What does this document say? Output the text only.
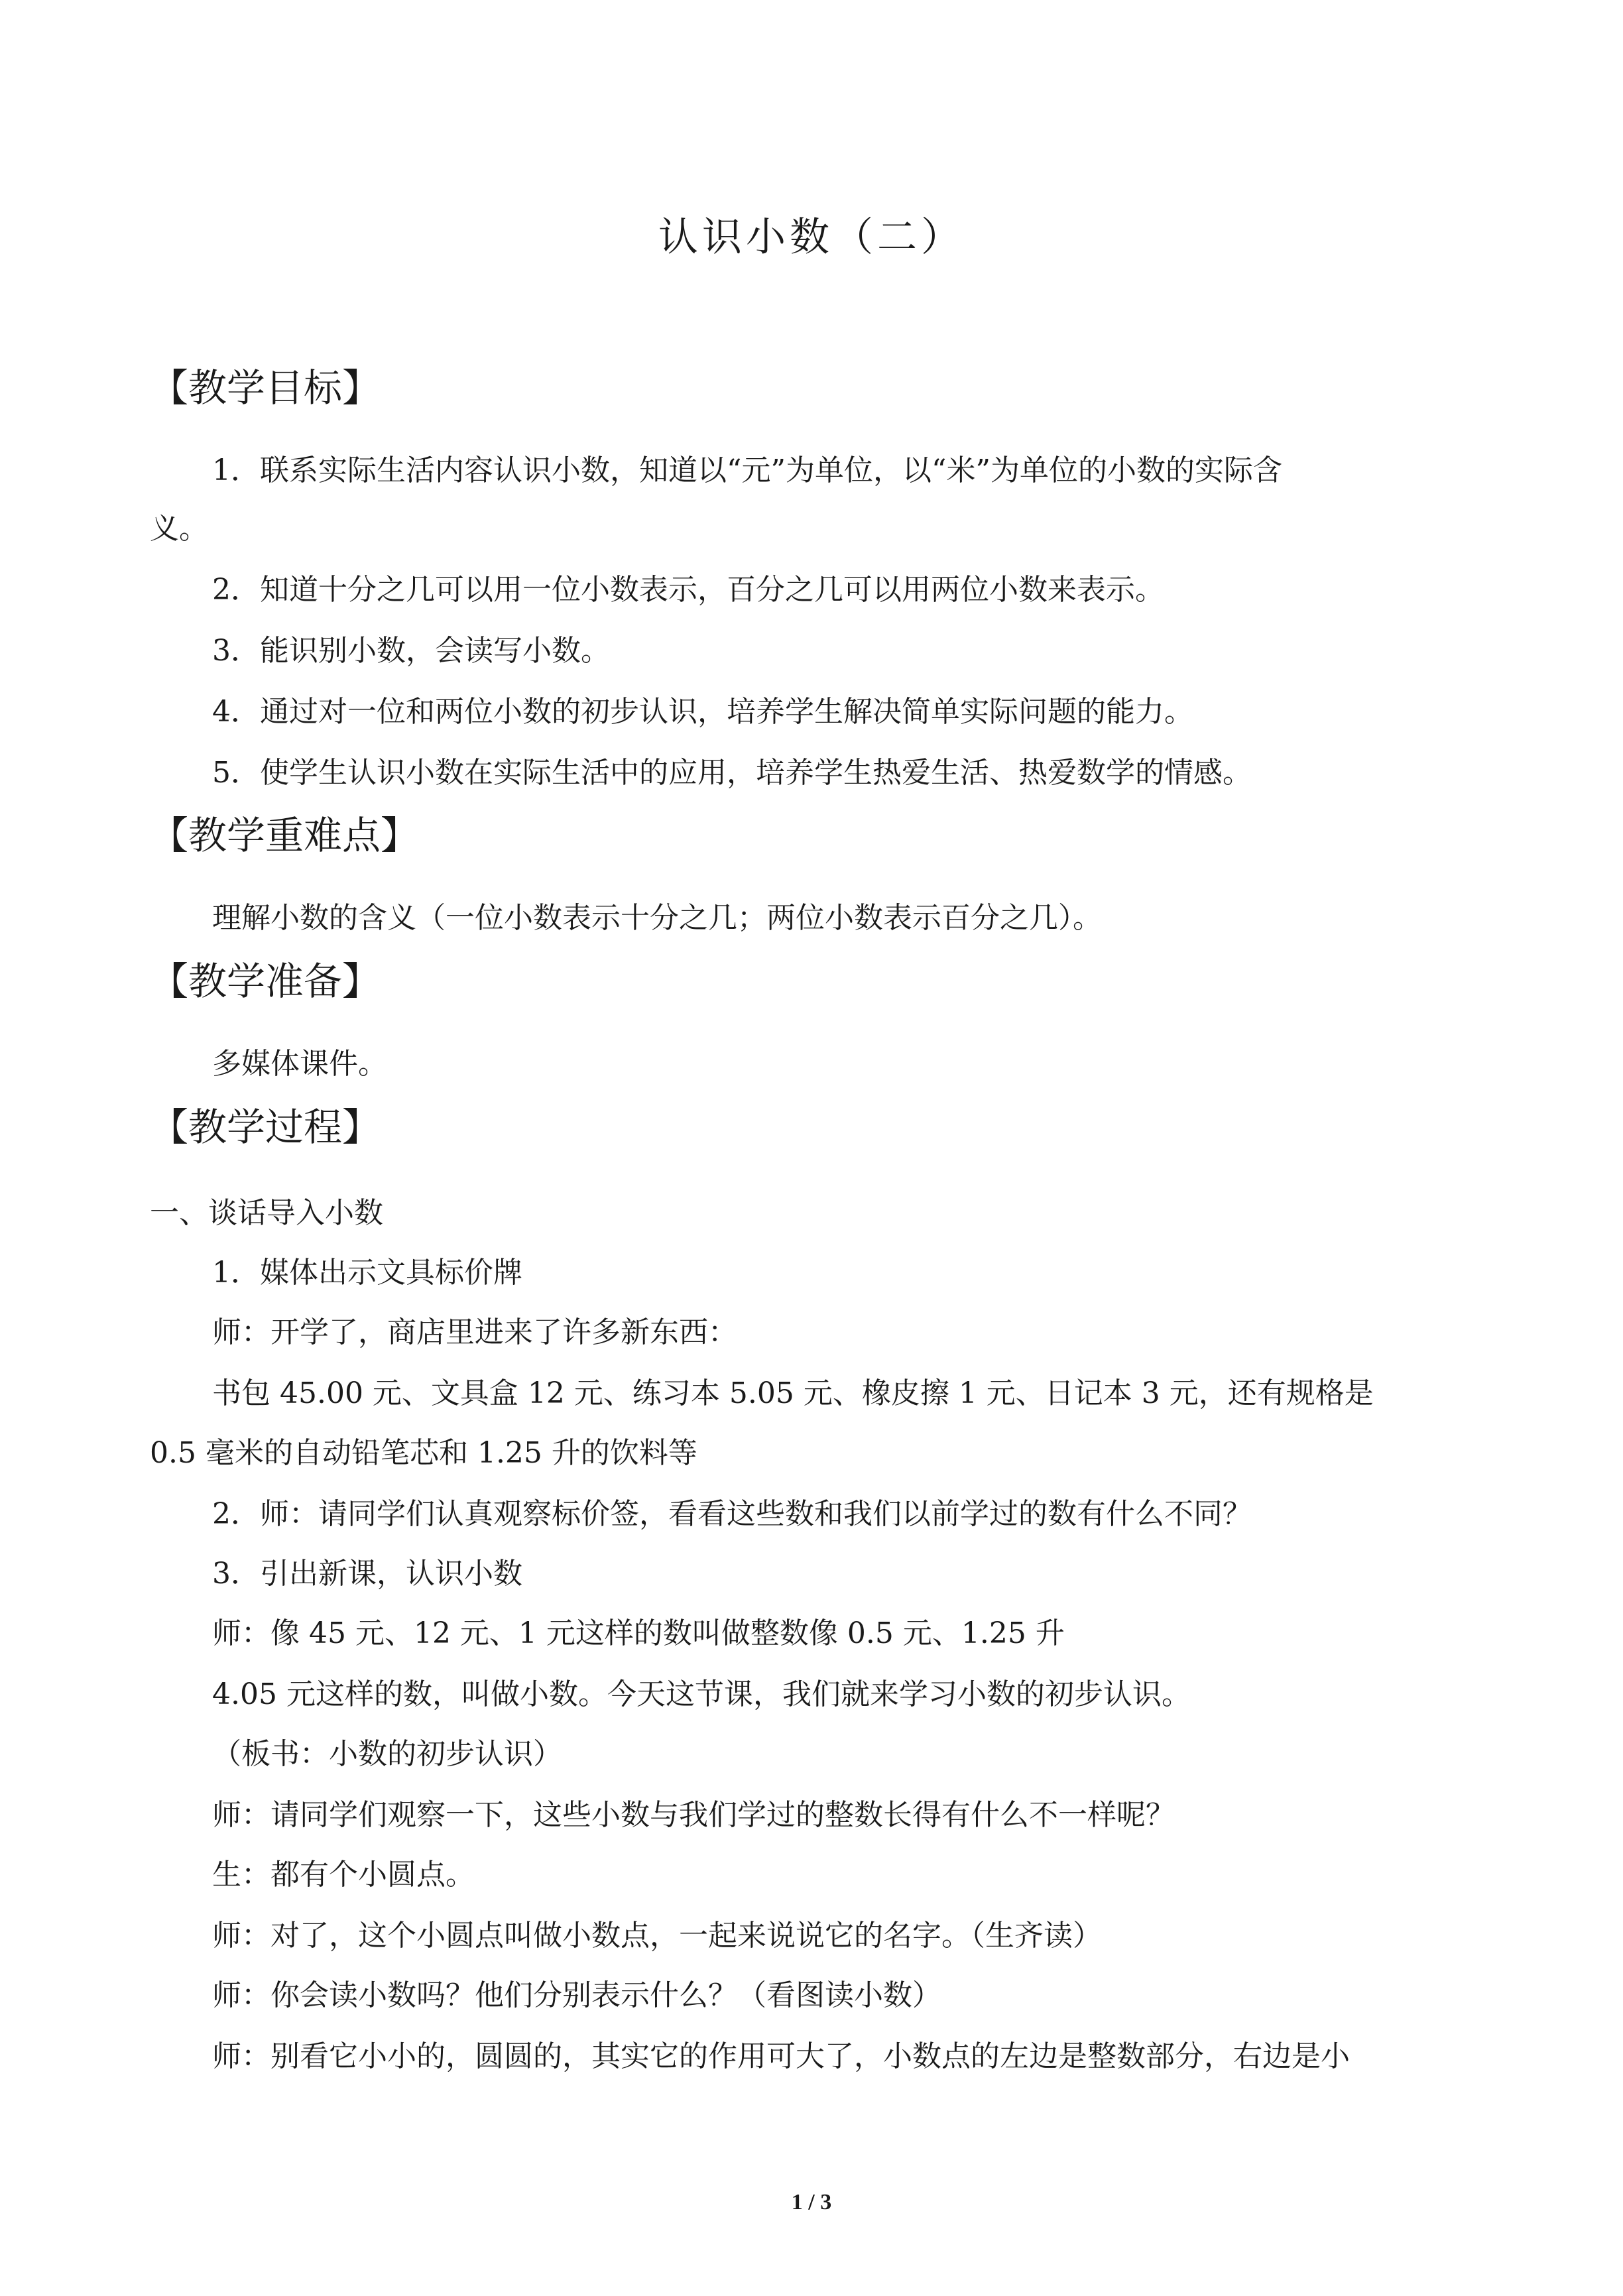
认识小数（二）
【教学目标】
1．联系实际生活内容认识小数，知道以“元”为单位，以“米”为单位的小数的实际含
义。
2．知道十分之几可以用一位小数表示，百分之几可以用两位小数来表示。
3．能识别小数，会读写小数。
4．通过对一位和两位小数的初步认识，培养学生解决简单实际问题的能力。
5．使学生认识小数在实际生活中的应用，培养学生热爱生活、热爱数学的情感。
【教学重难点】
理解小数的含义（一位小数表示十分之几；两位小数表示百分之几）。
【教学准备】
多媒体课件。
【教学过程】
一、谈话导入小数
1．媒体出示文具标价牌
师：开学了，商店里进来了许多新东西：
书包 45.00 元、文具盒 12 元、练习本 5.05 元、橡皮擦 1 元、日记本 3 元，还有规格是
0.5 毫米的自动铅笔芯和 1.25 升的饮料等
2．师：请同学们认真观察标价签，看看这些数和我们以前学过的数有什么不同？
3．引出新课，认识小数
师：像 45 元、12 元、1 元这样的数叫做整数像 0.5 元、1.25 升
4.05 元这样的数，叫做小数。今天这节课，我们就来学习小数的初步认识。
（板书：小数的初步认识）
师：请同学们观察一下，这些小数与我们学过的整数长得有什么不一样呢？
生：都有个小圆点。
师：对了，这个小圆点叫做小数点，一起来说说它的名字。（生齐读）
师：你会读小数吗？他们分别表示什么？（看图读小数）
师：别看它小小的，圆圆的，其实它的作用可大了，小数点的左边是整数部分，右边是小
1 / 3
